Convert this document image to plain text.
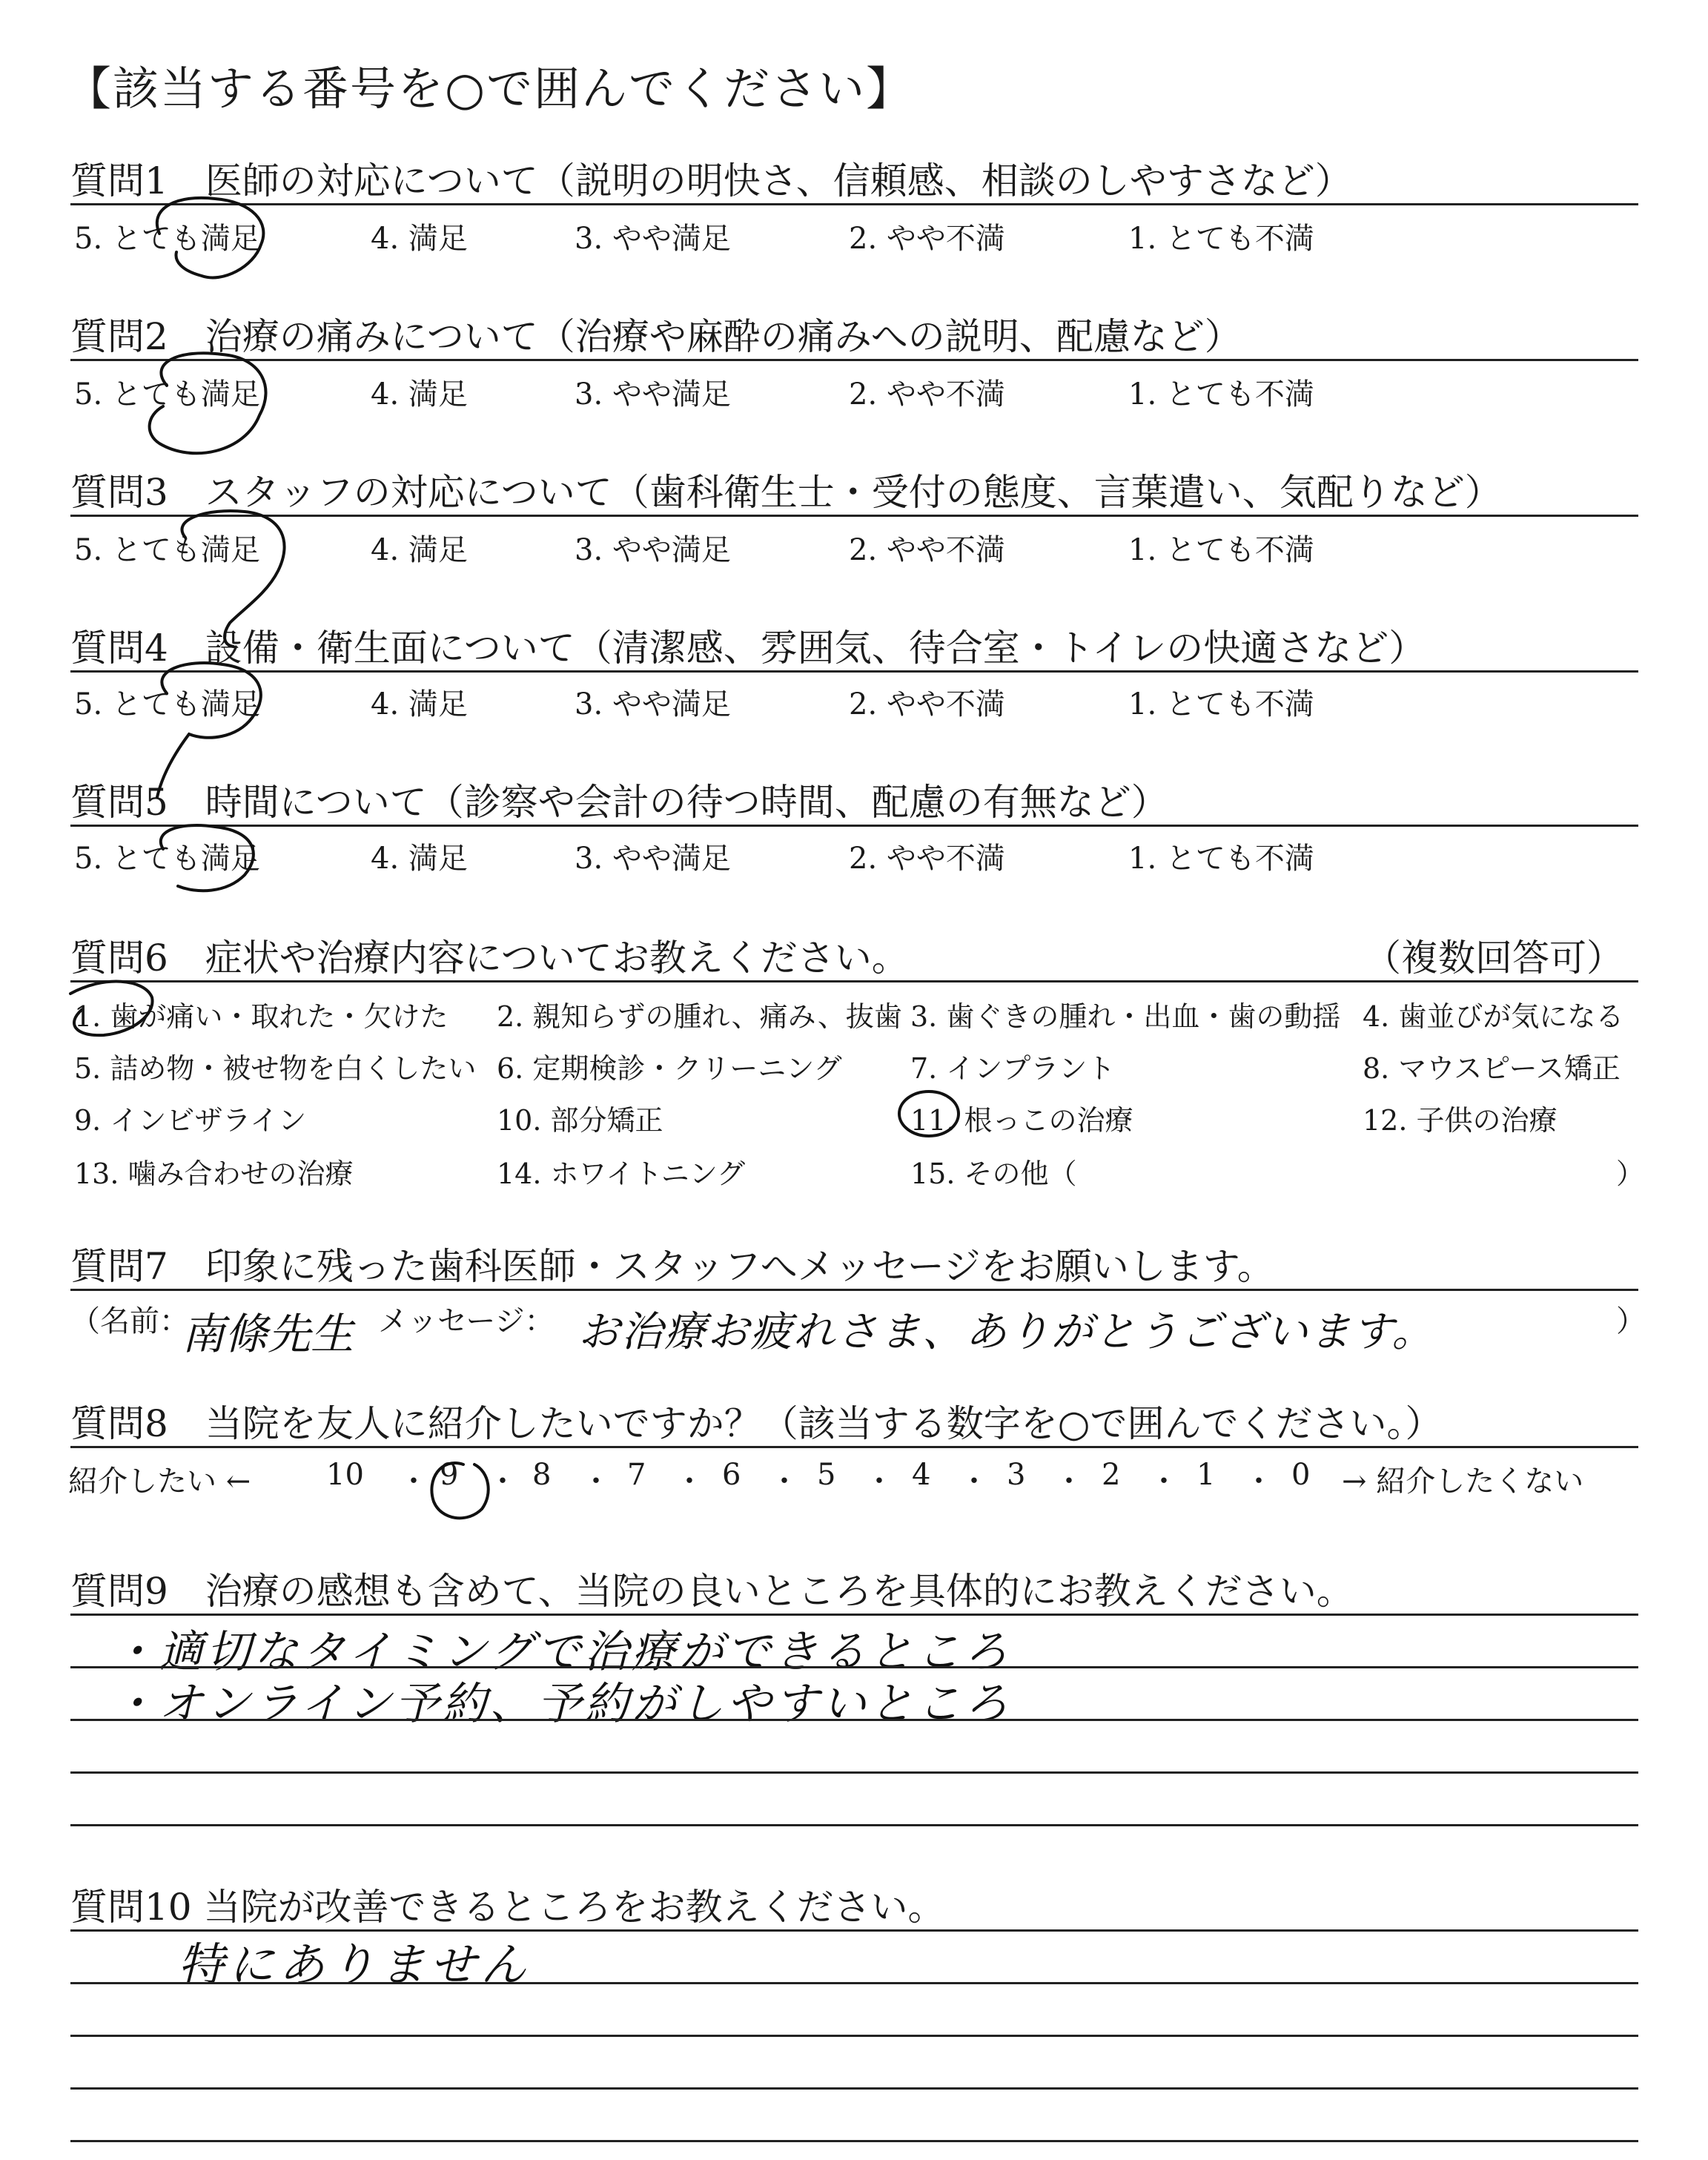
【該当する番号を○で囲んでください】
質問1　医師の対応について（説明の明快さ、信頼感、相談のしやすさなど）
5. とても満足	4. 満足	3. やや満足	2. やや不満	1. とても不満
質問2　治療の痛みについて（治療や麻酔の痛みへの説明、配慮など）
5. とても満足	4. 満足	3. やや満足	2. やや不満	1. とても不満
質問3　スタッフの対応について（歯科衛生士・受付の態度、言葉遣い、気配りなど）
5. とても満足	4. 満足	3. やや満足	2. やや不満	1. とても不満
質問4　設備・衛生面について（清潔感、雰囲気、待合室・トイレの快適さなど）
5. とても満足	4. 満足	3. やや満足	2. やや不満	1. とても不満
質問5　時間について（診察や会計の待つ時間、配慮の有無など）
5. とても満足	4. 満足	3. やや満足	2. やや不満	1. とても不満
質問6　症状や治療内容についてお教えください。	（複数回答可）
1. 歯が痛い・取れた・欠けた 2. 親知らずの腫れ、痛み、抜歯 3. 歯ぐきの腫れ・出血・歯の動揺 4. 歯並びが気になる
5. 詰め物・被せ物を白くしたい 6. 定期検診・クリーニング 7. インプラント	8. マウスピース矯正
9. インビザライン	10. 部分矯正	11. 根っこの治療	12. 子供の治療
13. 噛み合わせの治療	14. ホワイトニング	15. その他（	）
質問7　印象に残った歯科医師・スタッフへメッセージをお願いします。
（名前：
南條先生 メッセージ： お治療お疲れさま、ありがとうございます。	）
質問8　当院を友人に紹介したいですか？（該当する数字を○で囲んでください。）
紹介したい ←	10 ・ 9 ・ 8 ・ 7 ・ 6 ・ 5 ・ 4 ・ 3 ・ 2 ・ 1 ・ 0 → 紹介したくない
質問9　治療の感想も含めて、当院の良いところを具体的にお教えください。
・適切なタイミングで治療ができるところ
・オンライン予約、予約がしやすいところ
質問10 当院が改善できるところをお教えください。
特にありません
